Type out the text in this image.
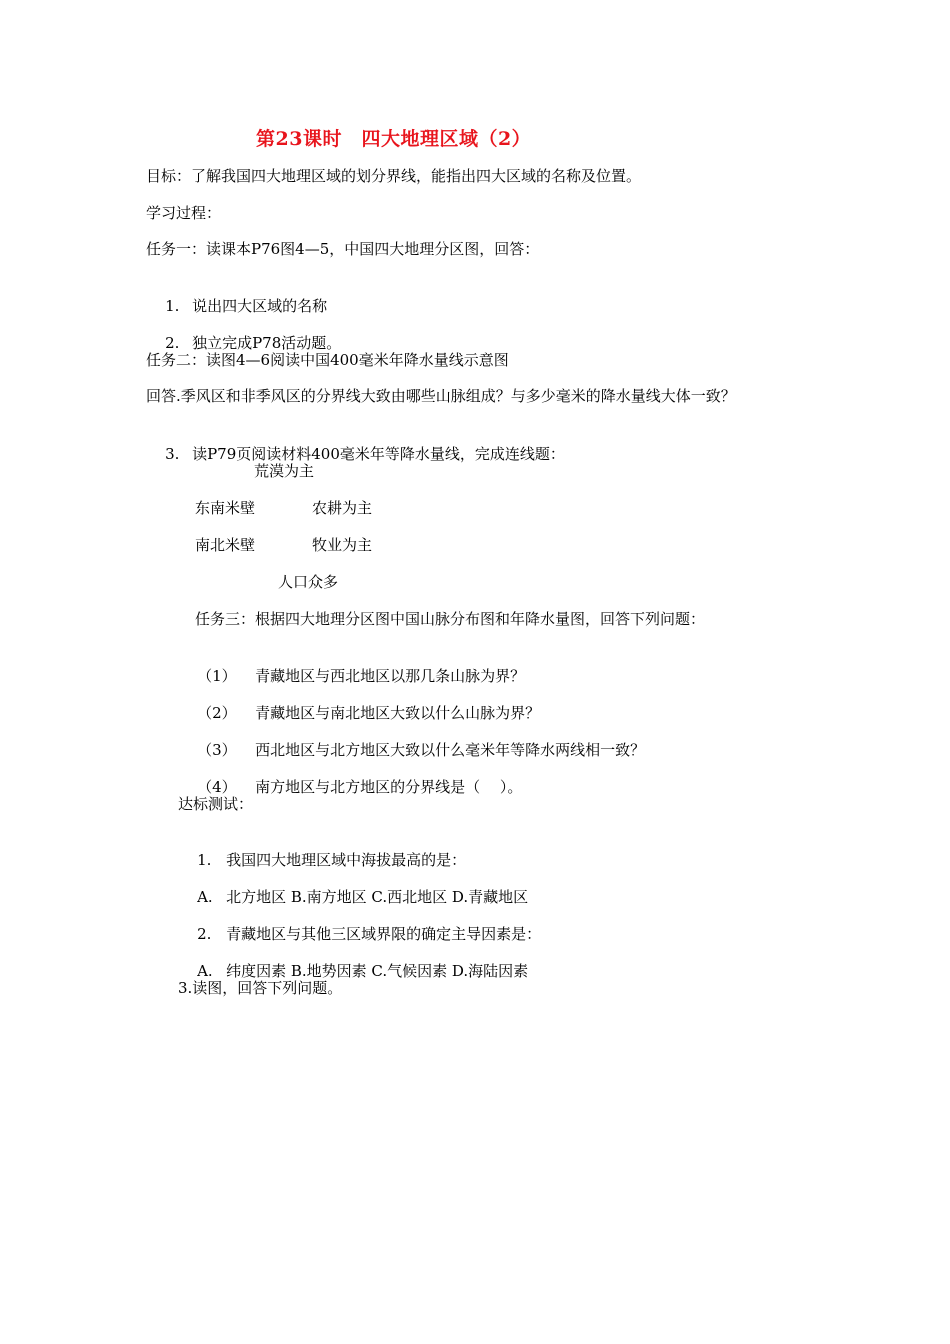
第23课时　四大地理区域（2）
目标：了解我国四大地理区域的划分界线，能指出四大区域的名称及位置。
学习过程：
任务一：读课本P76图4—5，中国四大地理分区图，回答：

1. 说出四大区域的名称

2. 独立完成P78活动题。

任务二：读图4—6阅读中国400毫米年降水量线示意图
回答.季风区和非季风区的分界线大致由哪些山脉组成？与多少毫米的降水量线大体一致？

3. 读P79页阅读材料400毫米年等降水量线，完成连线题：

荒漠为主
东南米壁	农耕为主
南北米壁	牧业为主
人口众多
任务三：根据四大地理分区图中国山脉分布图和年降水量图，回答下列问题：

（1） 青藏地区与西北地区以那几条山脉为界？

（2） 青藏地区与南北地区大致以什么山脉为界？

（3） 西北地区与北方地区大致以什么毫米年等降水两线相一致？

（4） 南方地区与北方地区的分界线是（　 ）。

达标测试：

1. 我国四大地理区域中海拔最高的是：

A. 北方地区 B.南方地区 C.西北地区 D.青藏地区

2. 青藏地区与其他三区域界限的确定主导因素是：

A. 纬度因素 B.地势因素 C.气候因素 D.海陆因素

3.读图，回答下列问题。
